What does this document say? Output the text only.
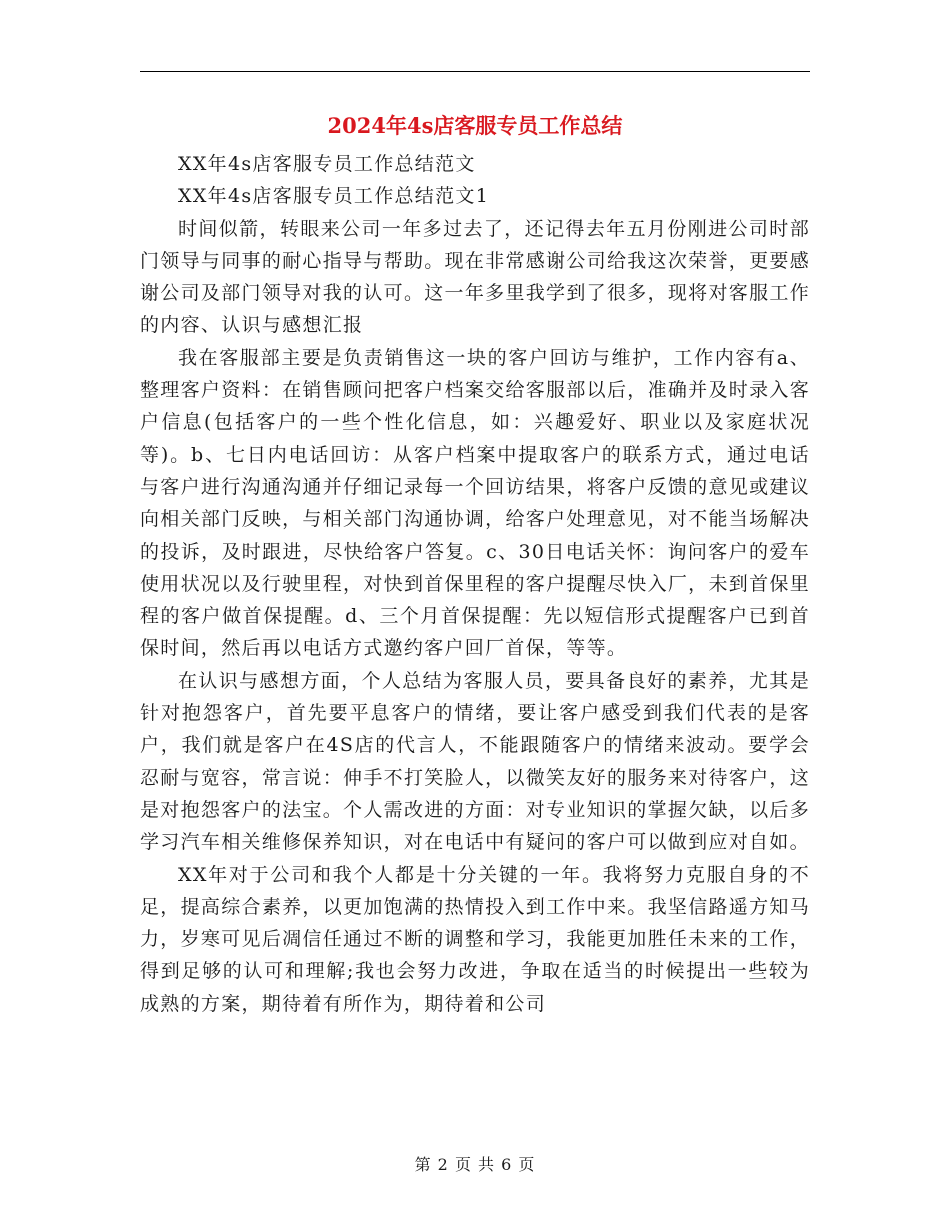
2024年4s店客服专员工作总结

XX年4s店客服专员工作总结范文

XX年4s店客服专员工作总结范文1

时间似箭，转眼来公司一年多过去了，还记得去年五月份刚进公司时部门领导与同事的耐心指导与帮助。现在非常感谢公司给我这次荣誉，更要感谢公司及部门领导对我的认可。这一年多里我学到了很多，现将对客服工作的内容、认识与感想汇报

我在客服部主要是负责销售这一块的客户回访与维护，工作内容有a、整理客户资料：在销售顾问把客户档案交给客服部以后，准确并及时录入客户信息(包括客户的一些个性化信息，如：兴趣爱好、职业以及家庭状况等)。b、七日内电话回访：从客户档案中提取客户的联系方式，通过电话与客户进行沟通沟通并仔细记录每一个回访结果，将客户反馈的意见或建议向相关部门反映，与相关部门沟通协调，给客户处理意见，对不能当场解决的投诉，及时跟进，尽快给客户答复。c、30日电话关怀：询问客户的爱车使用状况以及行驶里程，对快到首保里程的客户提醒尽快入厂，未到首保里程的客户做首保提醒。d、三个月首保提醒：先以短信形式提醒客户已到首保时间，然后再以电话方式邀约客户回厂首保，等等。

在认识与感想方面，个人总结为客服人员，要具备良好的素养，尤其是针对抱怨客户，首先要平息客户的情绪，要让客户感受到我们代表的是客户，我们就是客户在4S店的代言人，不能跟随客户的情绪来波动。要学会忍耐与宽容，常言说：伸手不打笑脸人，以微笑友好的服务来对待客户，这是对抱怨客户的法宝。个人需改进的方面：对专业知识的掌握欠缺，以后多学习汽车相关维修保养知识，对在电话中有疑问的客户可以做到应对自如。

XX年对于公司和我个人都是十分关键的一年。我将努力克服自身的不足，提高综合素养，以更加饱满的热情投入到工作中来。我坚信路遥方知马力，岁寒可见后凋信任通过不断的调整和学习，我能更加胜任未来的工作，得到足够的认可和理解;我也会努力改进，争取在适当的时候提出一些较为成熟的方案，期待着有所作为，期待着和公司

第 2 页 共 6 页
